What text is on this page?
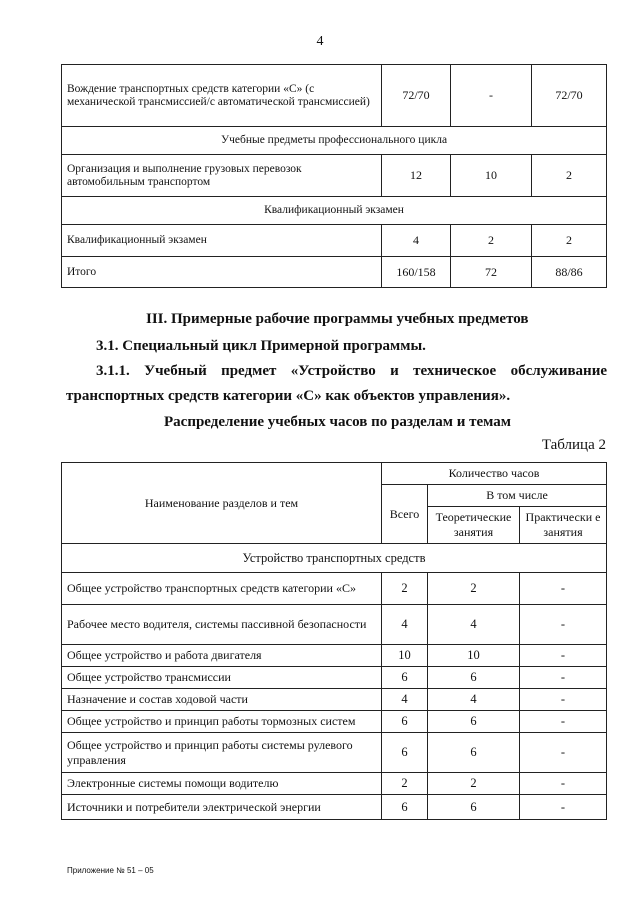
4
Вождение транспортных средств категории «С» (с механической трансмиссией/с автоматической трансмиссией)	72/70	-	72/70
Учебные предметы профессионального цикла			
Организация и выполнение грузовых перевозок автомобильным транспортом	12	10	2
Квалификационный экзамен			
Квалификационный экзамен	4	2	2
Итого	160/158	72	88/86
III. Примерные рабочие программы учебных предметов
3.1. Специальный цикл Примерной программы.
3.1.1. Учебный предмет «Устройство и техническое обслуживание
транспортных средств категории «С» как объектов управления».
Распределение учебных часов по разделам и темам
Таблица 2
Наименование разделов и тем	Количество часов		
	Всего	В том числе	
		Теоретические занятия	Практически е занятия
Устройство транспортных средств			
Общее устройство транспортных средств категории «С»	2	2	-
Рабочее место водителя, системы пассивной безопасности	4	4	-
Общее устройство и работа двигателя	10	10	-
Общее устройство трансмиссии	6	6	-
Назначение и состав ходовой части	4	4	-
Общее устройство и принцип работы тормозных систем	6	6	-
Общее устройство и принцип работы системы рулевого управления	6	6	-
Электронные системы помощи водителю	2	2	-
Источники и потребители электрической энергии	6	6	-
Приложение № 51 – 05
